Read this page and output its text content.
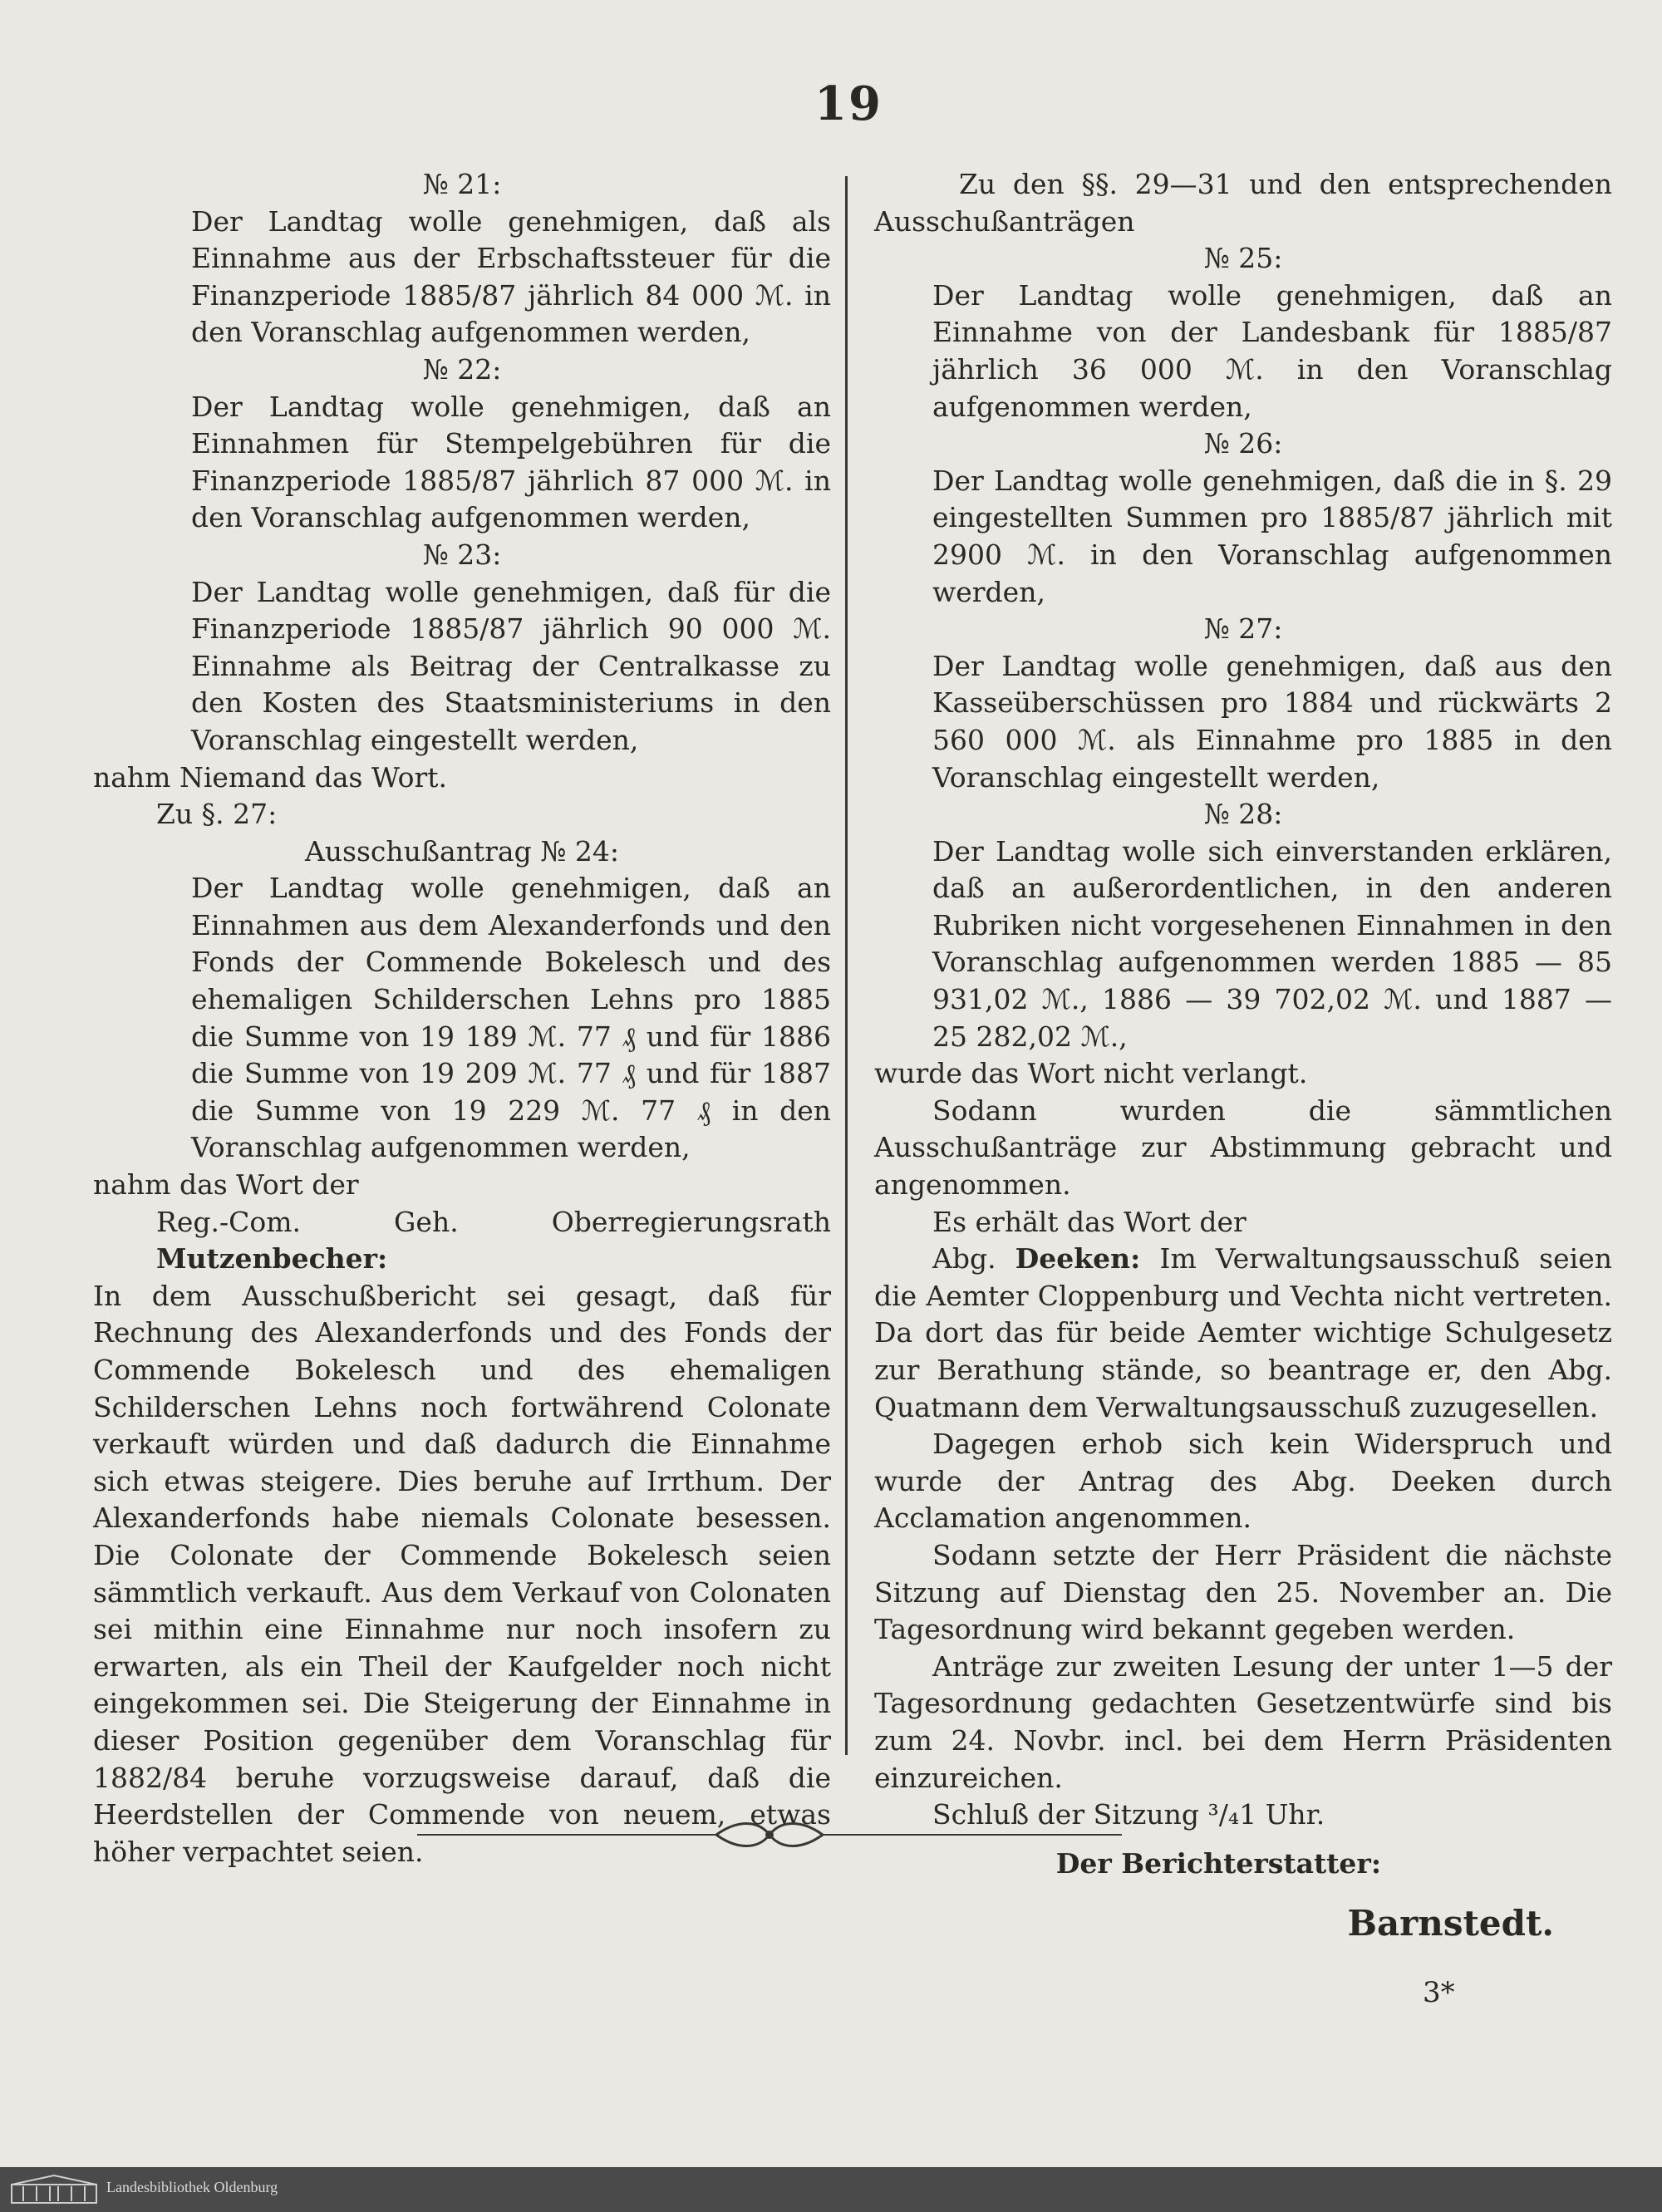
19
№ 21:
Der Landtag wolle genehmigen, daß als Einnahme aus der Erbschaftssteuer für die Finanzperiode 1885/87 jährlich 84 000 ℳ. in den Voranschlag aufgenommen werden,
№ 22:
Der Landtag wolle genehmigen, daß an Einnahmen für Stempelgebühren für die Finanzperiode 1885/87 jährlich 87 000 ℳ. in den Voranschlag aufgenommen werden,
№ 23:
Der Landtag wolle genehmigen, daß für die Finanzperiode 1885/87 jährlich 90 000 ℳ. Einnahme als Beitrag der Centralkasse zu den Kosten des Staatsministeriums in den Voranschlag eingestellt werden,
nahm Niemand das Wort.
Zu §. 27:
Ausschußantrag № 24:
Der Landtag wolle genehmigen, daß an Einnahmen aus dem Alexanderfonds und den Fonds der Commende Bokelesch und des ehemaligen Schilderschen Lehns pro 1885 die Summe von 19 189 ℳ. 77 ₰ und für 1886 die Summe von 19 209 ℳ. 77 ₰ und für 1887 die Summe von 19 229 ℳ. 77 ₰ in den Voranschlag aufgenommen werden,
nahm das Wort der
Reg.-Com. Geh. Oberregierungsrath Mutzenbecher:
In dem Ausschußbericht sei gesagt, daß für Rechnung des Alexanderfonds und des Fonds der Commende Bokelesch und des ehemaligen Schilderschen Lehns noch fortwährend Colonate verkauft würden und daß dadurch die Einnahme sich etwas steigere. Dies beruhe auf Irrthum. Der Alexanderfonds habe niemals Colonate besessen. Die Colonate der Commende Bokelesch seien sämmtlich verkauft. Aus dem Verkauf von Colonaten sei mithin eine Einnahme nur noch insofern zu erwarten, als ein Theil der Kaufgelder noch nicht eingekommen sei. Die Steigerung der Einnahme in dieser Position gegenüber dem Voranschlag für 1882/84 beruhe vorzugsweise darauf, daß die Heerdstellen der Commende von neuem, etwas höher verpachtet seien.
Zu den §§. 29—31 und den entsprechenden Ausschußanträgen
№ 25:
Der Landtag wolle genehmigen, daß an Einnahme von der Landesbank für 1885/87 jährlich 36 000 ℳ. in den Voranschlag aufgenommen werden,
№ 26:
Der Landtag wolle genehmigen, daß die in §. 29 eingestellten Summen pro 1885/87 jährlich mit 2900 ℳ. in den Voranschlag aufgenommen werden,
№ 27:
Der Landtag wolle genehmigen, daß aus den Kasseüberschüssen pro 1884 und rückwärts 2 560 000 ℳ. als Einnahme pro 1885 in den Voranschlag eingestellt werden,
№ 28:
Der Landtag wolle sich einverstanden erklären, daß an außerordentlichen, in den anderen Rubriken nicht vorgesehenen Einnahmen in den Voranschlag aufgenommen werden 1885 — 85 931,02 ℳ., 1886 — 39 702,02 ℳ. und 1887 — 25 282,02 ℳ.,
wurde das Wort nicht verlangt.
Sodann wurden die sämmtlichen Ausschußanträge zur Abstimmung gebracht und angenommen.
Es erhält das Wort der
Abg. Deeken: Im Verwaltungsausschuß seien die Aemter Cloppenburg und Vechta nicht vertreten. Da dort das für beide Aemter wichtige Schulgesetz zur Berathung stände, so beantrage er, den Abg. Quatmann dem Verwaltungsausschuß zuzugesellen.
Dagegen erhob sich kein Widerspruch und wurde der Antrag des Abg. Deeken durch Acclamation angenommen.
Sodann setzte der Herr Präsident die nächste Sitzung auf Dienstag den 25. November an. Die Tagesordnung wird bekannt gegeben werden.
Anträge zur zweiten Lesung der unter 1—5 der Tagesordnung gedachten Gesetzentwürfe sind bis zum 24. Novbr. incl. bei dem Herrn Präsidenten einzureichen.
Schluß der Sitzung ³/₄1 Uhr.
Der Berichterstatter:
Barnstedt.
3*
Landesbibliothek Oldenburg
